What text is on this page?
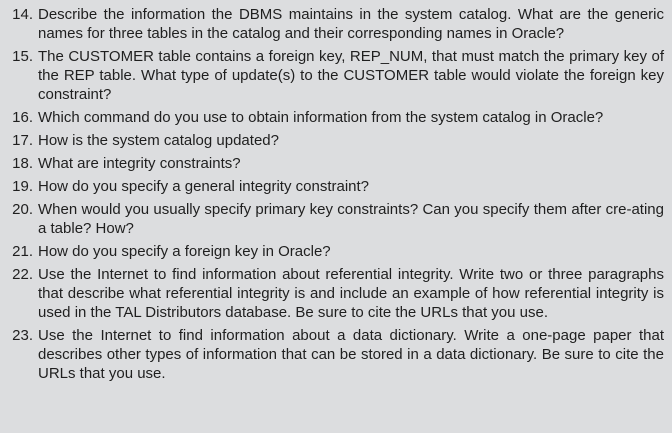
14. Describe the information the DBMS maintains in the system catalog. What are the generic names for three tables in the catalog and their corresponding names in Oracle?
15. The CUSTOMER table contains a foreign key, REP_NUM, that must match the primary key of the REP table. What type of update(s) to the CUSTOMER table would violate the foreign key constraint?
16. Which command do you use to obtain information from the system catalog in Oracle?
17. How is the system catalog updated?
18. What are integrity constraints?
19. How do you specify a general integrity constraint?
20. When would you usually specify primary key constraints? Can you specify them after cre-ating a table? How?
21. How do you specify a foreign key in Oracle?
22. Use the Internet to find information about referential integrity. Write two or three paragraphs that describe what referential integrity is and include an example of how referential integrity is used in the TAL Distributors database. Be sure to cite the URLs that you use.
23. Use the Internet to find information about a data dictionary. Write a one-page paper that describes other types of information that can be stored in a data dictionary. Be sure to cite the URLs that you use.
